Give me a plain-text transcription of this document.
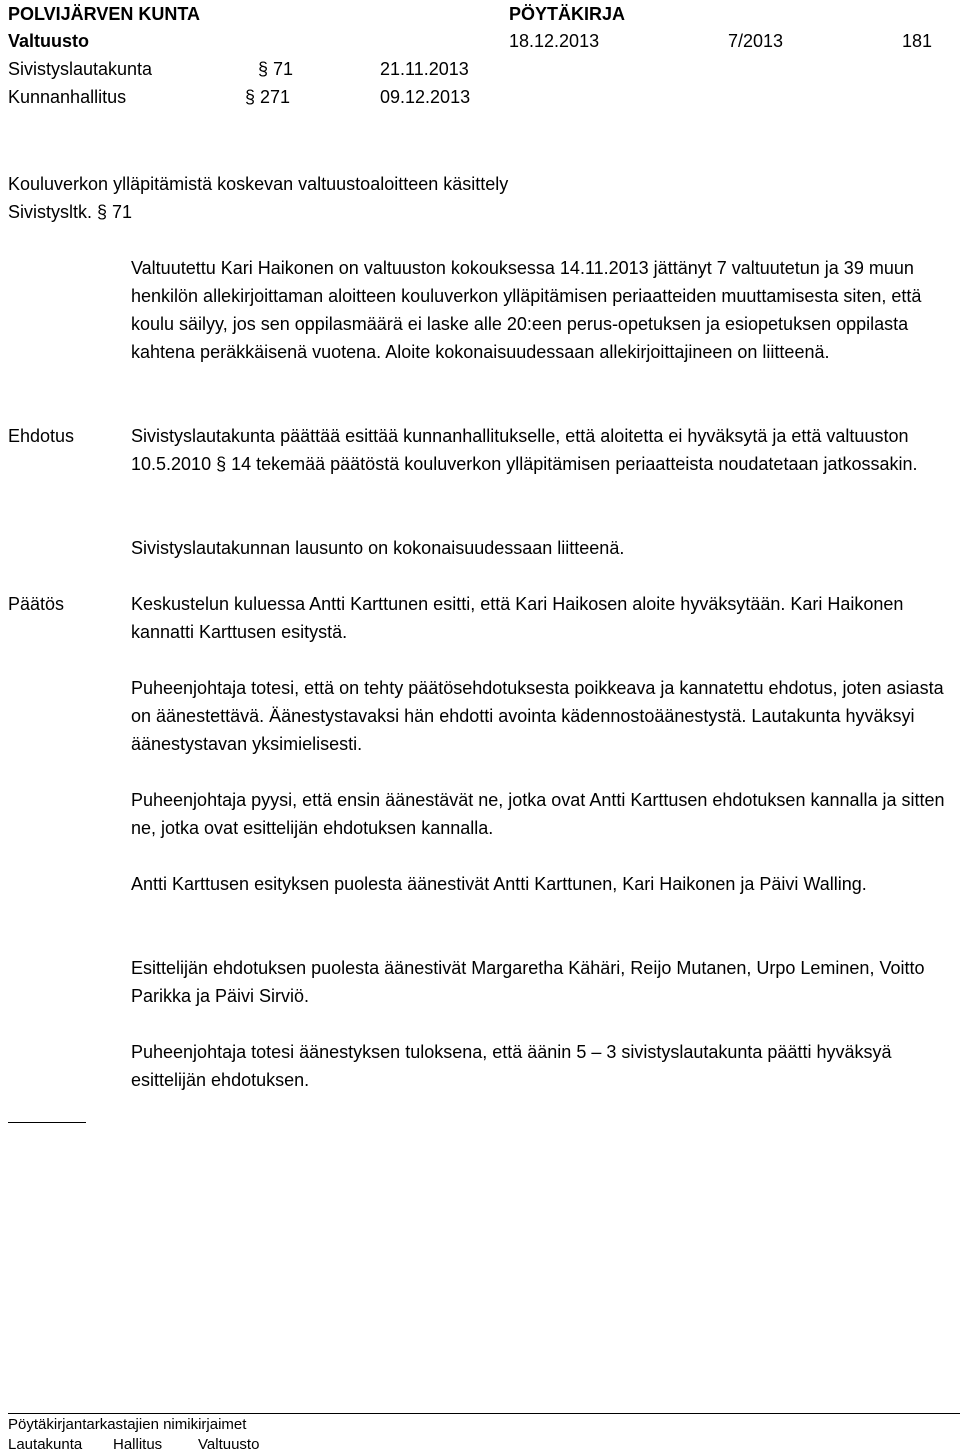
POLVIJÄRVEN KUNTA	PÖYTÄKIRJA
Valtuusto	18.12.2013	7/2013	181
Sivistyslautakunta	§ 71	21.11.2013
Kunnanhallitus	§ 271	09.12.2013
Kouluverkon ylläpitämistä koskevan valtuustoaloitteen käsittely
Sivistysltk. § 71
Valtuutettu Kari Haikonen on valtuuston kokouksessa 14.11.2013 jättänyt 7 valtuutetun ja 39 muun henkilön allekirjoittaman aloitteen kouluverkon ylläpitämisen periaatteiden muuttamisesta siten, että koulu säilyy, jos sen oppilasmäärä ei laske alle 20:een perus-opetuksen ja esiopetuksen oppilasta kahtena peräkkäisenä vuotena. Aloite kokonaisuudessaan allekirjoittajineen on liitteenä.
Ehdotus	Sivistyslautakunta päättää esittää kunnanhallitukselle, että aloitetta ei hyväksytä ja että valtuuston 10.5.2010 § 14 tekemää päätöstä kouluverkon ylläpitämisen periaatteista noudatetaan jatkossakin.
Sivistyslautakunnan lausunto on kokonaisuudessaan liitteenä.
Päätös	Keskustelun kuluessa Antti Karttunen esitti, että Kari Haikosen aloite hyväksytään. Kari Haikonen kannatti Karttusen esitystä.
Puheenjohtaja totesi, että on tehty päätösehdotuksesta poikkeava ja kannatettu ehdotus, joten asiasta on äänestettävä. Äänestystavaksi hän ehdotti avointa kädennostoäänestystä. Lautakunta hyväksyi äänestystavan yksimielisesti.
Puheenjohtaja pyysi, että ensin äänestävät ne, jotka ovat Antti Karttusen ehdotuksen kannalla ja sitten ne, jotka ovat esittelijän ehdotuksen kannalla.
Antti Karttusen esityksen puolesta äänestivät Antti Karttunen, Kari Haikonen ja Päivi Walling.
Esittelijän ehdotuksen puolesta äänestivät Margaretha Kähäri, Reijo Mutanen, Urpo Leminen, Voitto Parikka ja Päivi Sirviö.
Puheenjohtaja totesi äänestyksen tuloksena, että äänin 5 – 3 sivistyslautakunta päätti hyväksyä esittelijän ehdotuksen.
Pöytäkirjantarkastajien nimikirjaimet
Lautakunta Hallitus Valtuusto
